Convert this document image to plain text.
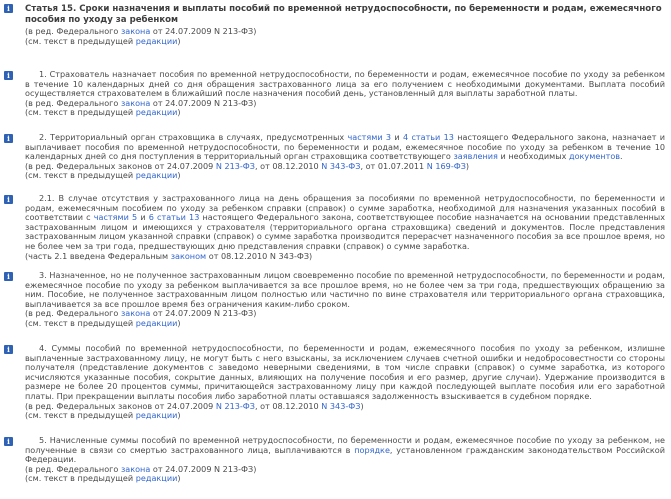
i	Статья 15. Сроки назначения и выплаты пособий по временной нетрудоспособности, по беременности и родам, ежемесячного пособия по уходу за ребенком

(в ред. Федерального закона от 24.07.2009 N 213-ФЗ)

(см. текст в предыдущей редакции)

i	1. Страхователь назначает пособия по временной нетрудоспособности, по беременности и родам, ежемесячное пособие по уходу за ребенком в течение 10 календарных дней со дня обращения застрахованного лица за его получением с необходимыми документами. Выплата пособий осуществляется страхователем в ближайший после назначения пособий день, установленный для выплаты заработной платы.

(в ред. Федерального закона от 24.07.2009 N 213-ФЗ)

(см. текст в предыдущей редакции)

i	2. Территориальный орган страховщика в случаях, предусмотренных частями 3 и 4 статьи 13 настоящего Федерального закона, назначает и выплачивает пособия по временной нетрудоспособности, по беременности и родам, ежемесячное пособие по уходу за ребенком в течение 10 календарных дней со дня поступления в территориальный орган страховщика соответствующего заявления и необходимых документов.

(в ред. Федеральных законов от 24.07.2009 N 213-ФЗ, от 08.12.2010 N 343-ФЗ, от 01.07.2011 N 169-ФЗ)

(см. текст в предыдущей редакции)

i	2.1. В случае отсутствия у застрахованного лица на день обращения за пособиями по временной нетрудоспособности, по беременности и родам, ежемесячным пособием по уходу за ребенком справки (справок) о сумме заработка, необходимой для назначения указанных пособий в соответствии с частями 5 и 6 статьи 13 настоящего Федерального закона, соответствующее пособие назначается на основании представленных застрахованным лицом и имеющихся у страхователя (территориального органа страховщика) сведений и документов. После представления застрахованным лицом указанной справки (справок) о сумме заработка производится перерасчет назначенного пособия за все прошлое время, но не более чем за три года, предшествующих дню представления справки (справок) о сумме заработка.

(часть 2.1 введена Федеральным законом от 08.12.2010 N 343-ФЗ)

i	3. Назначенное, но не полученное застрахованным лицом своевременно пособие по временной нетрудоспособности, по беременности и родам, ежемесячное пособие по уходу за ребенком выплачивается за все прошлое время, но не более чем за три года, предшествующих обращению за ним. Пособие, не полученное застрахованным лицом полностью или частично по вине страхователя или территориального органа страховщика, выплачивается за все прошлое время без ограничения каким-либо сроком.

(в ред. Федерального закона от 24.07.2009 N 213-ФЗ)

(см. текст в предыдущей редакции)

i	4. Суммы пособий по временной нетрудоспособности, по беременности и родам, ежемесячного пособия по уходу за ребенком, излишне выплаченные застрахованному лицу, не могут быть с него взысканы, за исключением случаев счетной ошибки и недобросовестности со стороны получателя (представление документов с заведомо неверными сведениями, в том числе справки (справок) о сумме заработка, из которого исчисляются указанные пособия, сокрытие данных, влияющих на получение пособия и его размер, другие случаи). Удержание производится в размере не более 20 процентов суммы, причитающейся застрахованному лицу при каждой последующей выплате пособия или его заработной платы. При прекращении выплаты пособия либо заработной платы оставшаяся задолженность взыскивается в судебном порядке.

(в ред. Федеральных законов от 24.07.2009 N 213-ФЗ, от 08.12.2010 N 343-ФЗ)

(см. текст в предыдущей редакции)

i	5. Начисленные суммы пособий по временной нетрудоспособности, по беременности и родам, ежемесячное пособие по уходу за ребенком, не полученные в связи со смертью застрахованного лица, выплачиваются в порядке, установленном гражданским законодательством Российской Федерации.

(в ред. Федерального закона от 24.07.2009 N 213-ФЗ)

(см. текст в предыдущей редакции)
